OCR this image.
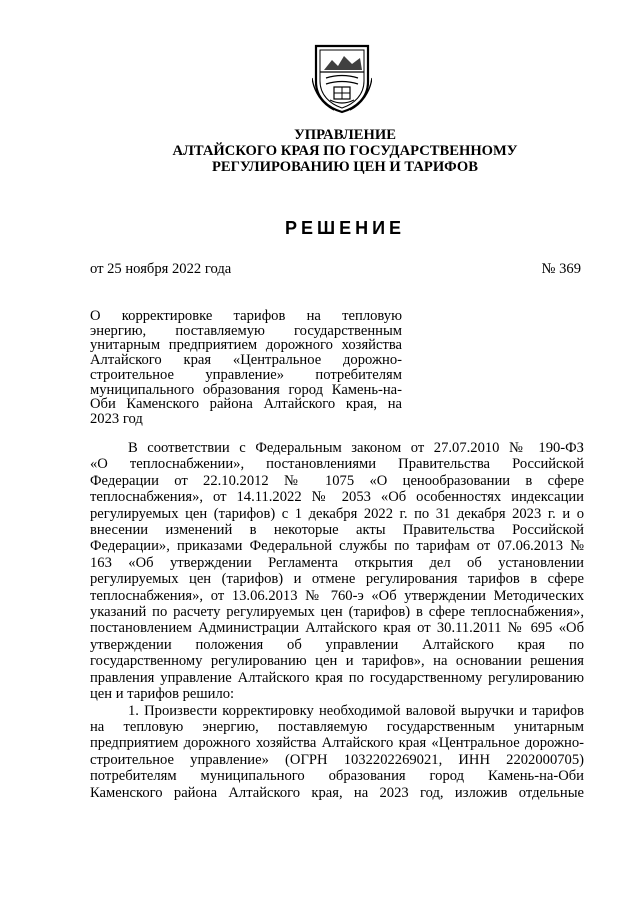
УПРАВЛЕНИЕ
АЛТАЙСКОГО КРАЯ ПО ГОСУДАРСТВЕННОМУ
РЕГУЛИРОВАНИЮ ЦЕН И ТАРИФОВ
РЕШЕНИЕ
от 25 ноября 2022 года	№ 369
О корректировке тарифов на тепловую
энергию, поставляемую государственным
унитарным предприятием дорожного хозяйства
Алтайского края «Центральное дорожно-
строительное управление» потребителям
муниципального образования город Камень-на-
Оби Каменского района Алтайского края, на
2023 год
В соответствии с Федеральным законом от 27.07.2010 № 190-ФЗ
«О теплоснабжении», постановлениями Правительства Российской
Федерации от 22.10.2012 № 1075 «О ценообразовании в сфере
теплоснабжения», от 14.11.2022 № 2053 «Об особенностях индексации
регулируемых цен (тарифов) с 1 декабря 2022 г. по 31 декабря 2023 г. и о
внесении изменений в некоторые акты Правительства Российской
Федерации», приказами Федеральной службы по тарифам от 07.06.2013 №
163 «Об утверждении Регламента открытия дел об установлении
регулируемых цен (тарифов) и отмене регулирования тарифов в сфере
теплоснабжения», от 13.06.2013 № 760-э «Об утверждении Методических
указаний по расчету регулируемых цен (тарифов) в сфере теплоснабжения»,
постановлением Администрации Алтайского края от 30.11.2011 № 695 «Об
утверждении положения об управлении Алтайского края по
государственному регулированию цен и тарифов», на основании решения
правления управление Алтайского края по государственному регулированию
цен и тарифов решило:
1. Произвести корректировку необходимой валовой выручки и тарифов
на тепловую энергию, поставляемую государственным унитарным
предприятием дорожного хозяйства Алтайского края «Центральное дорожно-
строительное управление» (ОГРН 1032202269021, ИНН 2202000705)
потребителям муниципального образования город Камень-на-Оби
Каменского района Алтайского края, на 2023 год, изложив отдельные
